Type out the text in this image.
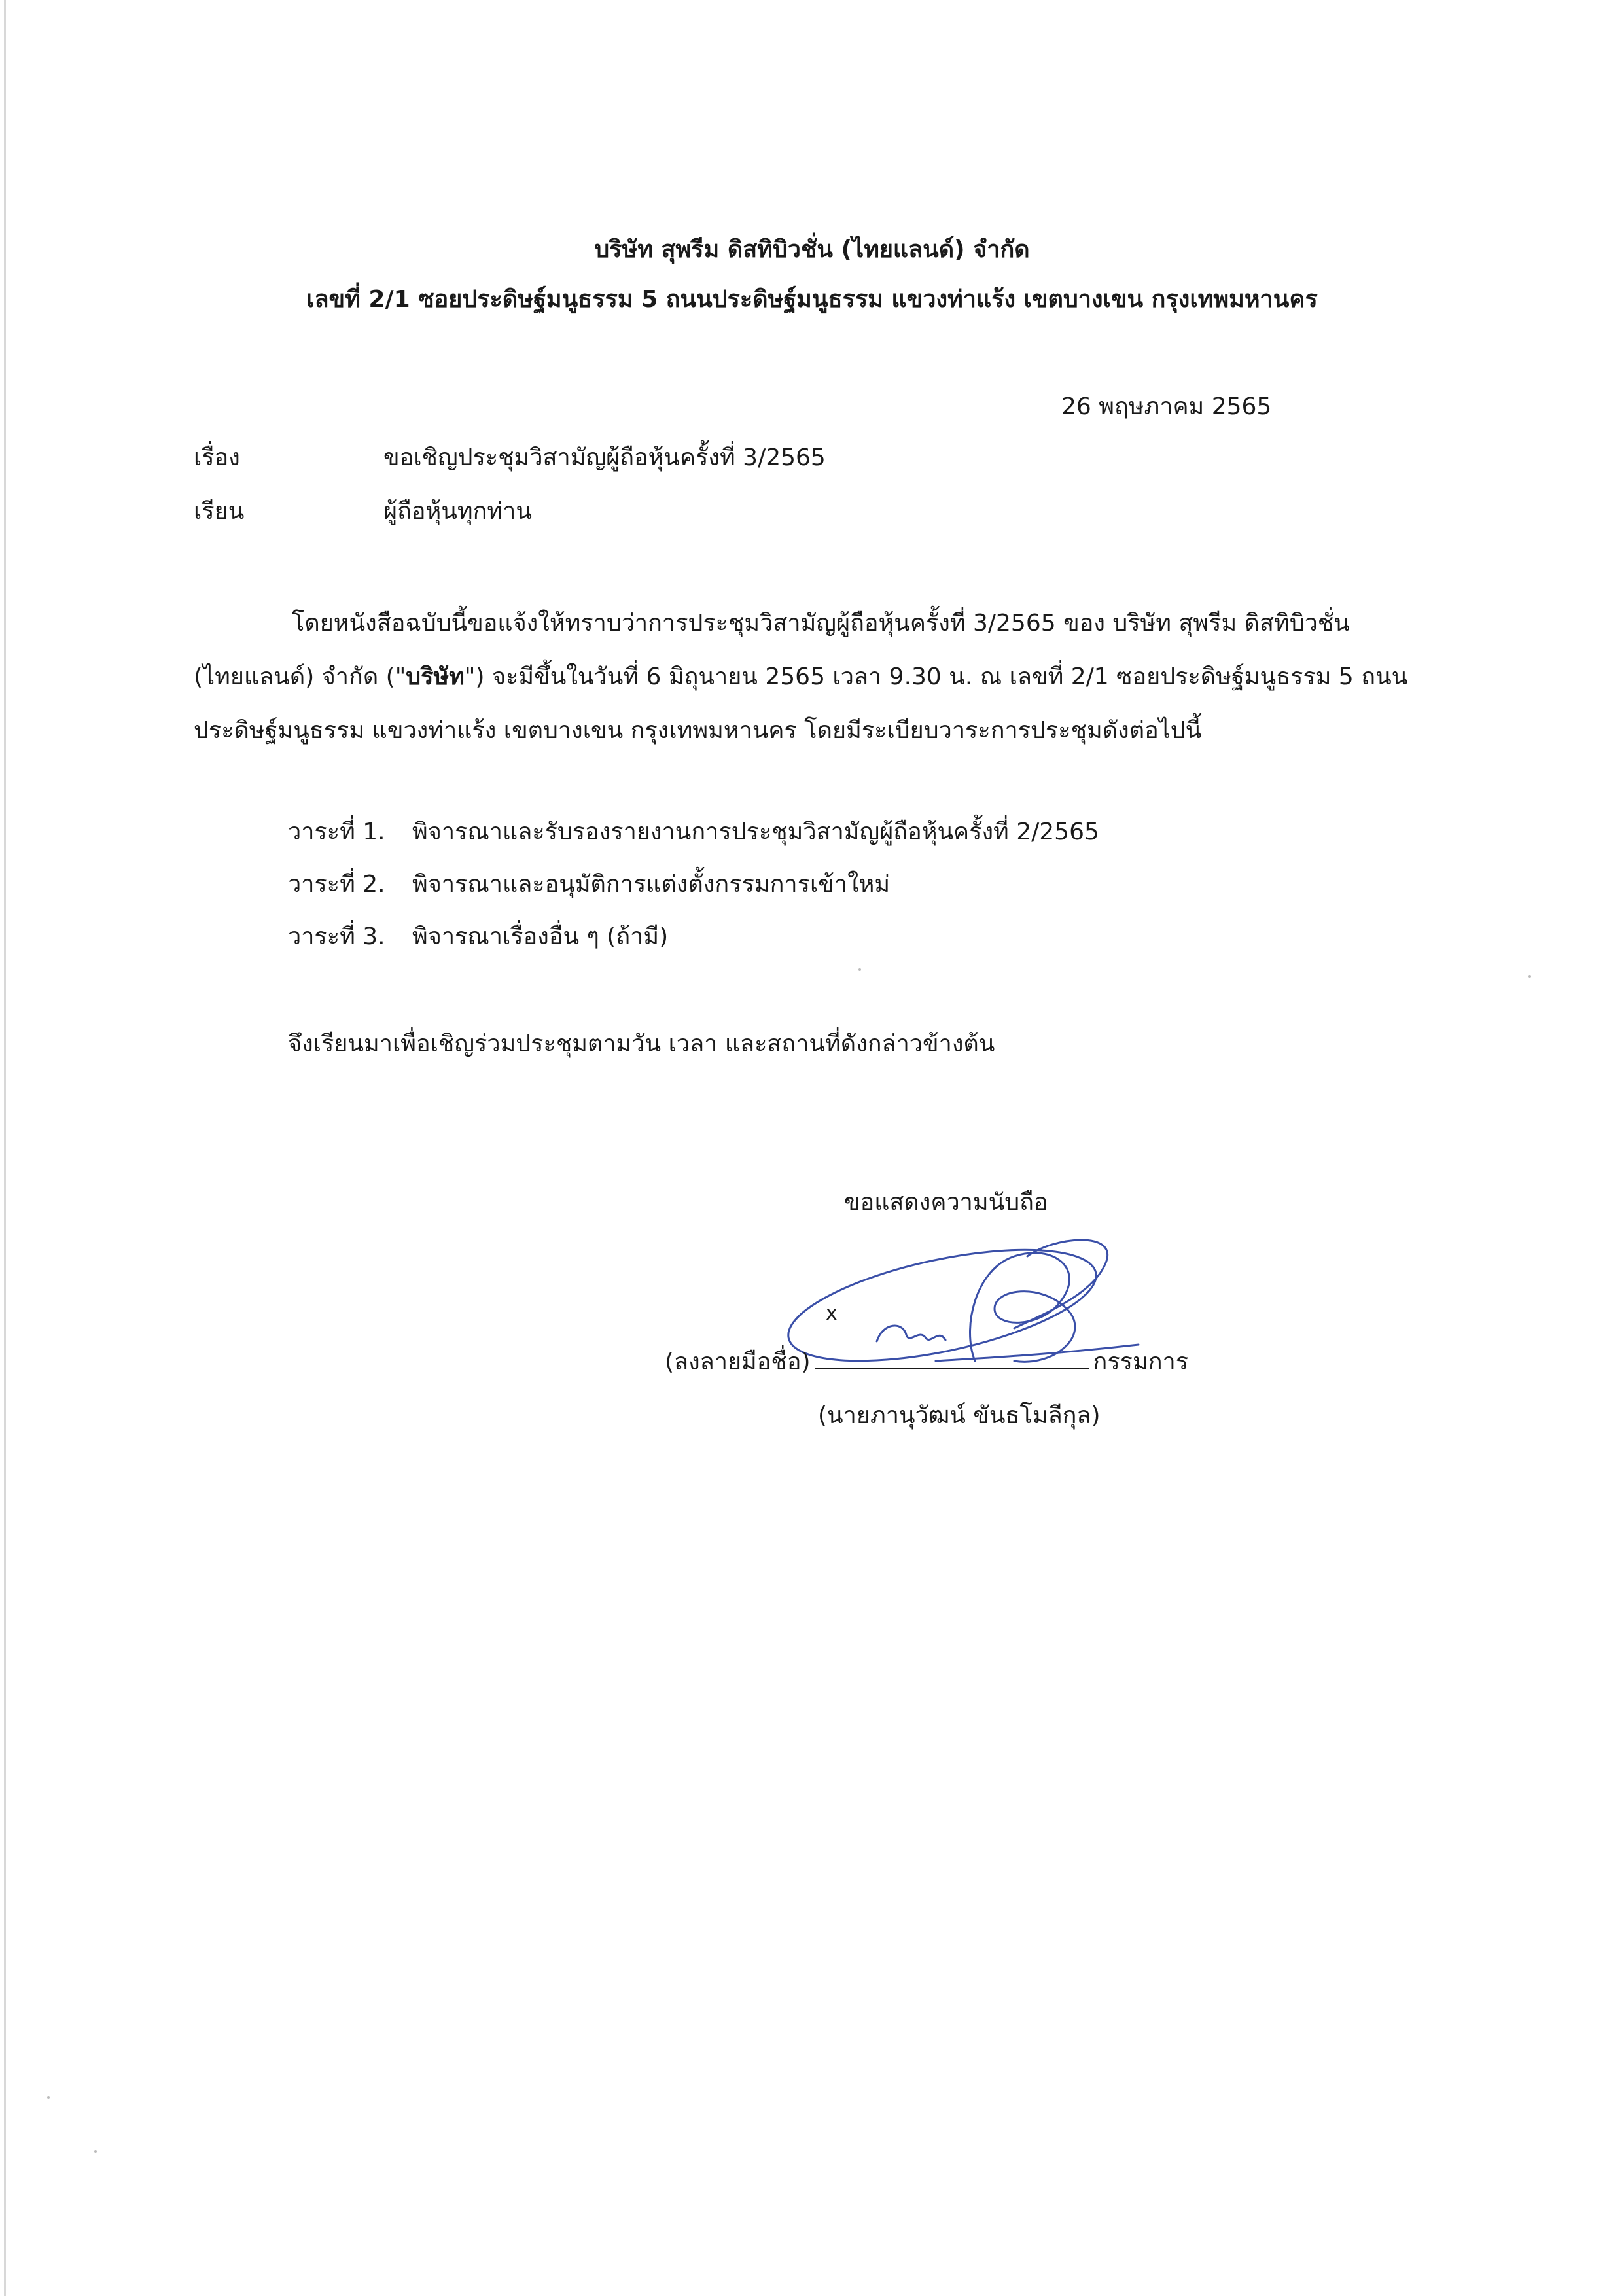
บริษัท สุพรีม ดิสทิบิวชั่น (ไทยแลนด์) จำกัด
เลขที่ 2/1 ซอยประดิษฐ์มนูธรรม 5 ถนนประดิษฐ์มนูธรรม แขวงท่าแร้ง เขตบางเขน กรุงเทพมหานคร
26 พฤษภาคม 2565
เรื่อง	ขอเชิญประชุมวิสามัญผู้ถือหุ้นครั้งที่ 3/2565
เรียน	ผู้ถือหุ้นทุกท่าน
โดยหนังสือฉบับนี้ขอแจ้งให้ทราบว่าการประชุมวิสามัญผู้ถือหุ้นครั้งที่ 3/2565 ของ บริษัท สุพรีม ดิสทิบิวชั่น
(ไทยแลนด์) จำกัด ("บริษัท") จะมีขึ้นในวันที่ 6 มิถุนายน 2565 เวลา 9.30 น. ณ เลขที่ 2/1 ซอยประดิษฐ์มนูธรรม 5 ถนน
ประดิษฐ์มนูธรรม แขวงท่าแร้ง เขตบางเขน กรุงเทพมหานคร โดยมีระเบียบวาระการประชุมดังต่อไปนี้
วาระที่ 1. พิจารณาและรับรองรายงานการประชุมวิสามัญผู้ถือหุ้นครั้งที่ 2/2565
วาระที่ 2. พิจารณาและอนุมัติการแต่งตั้งกรรมการเข้าใหม่
วาระที่ 3. พิจารณาเรื่องอื่น ๆ (ถ้ามี)
จึงเรียนมาเพื่อเชิญร่วมประชุมตามวัน เวลา และสถานที่ดังกล่าวข้างต้น
ขอแสดงความนับถือ
x
(ลงลายมือชื่อ)	กรรมการ
(นายภานุวัฒน์ ขันธโมลีกุล)
